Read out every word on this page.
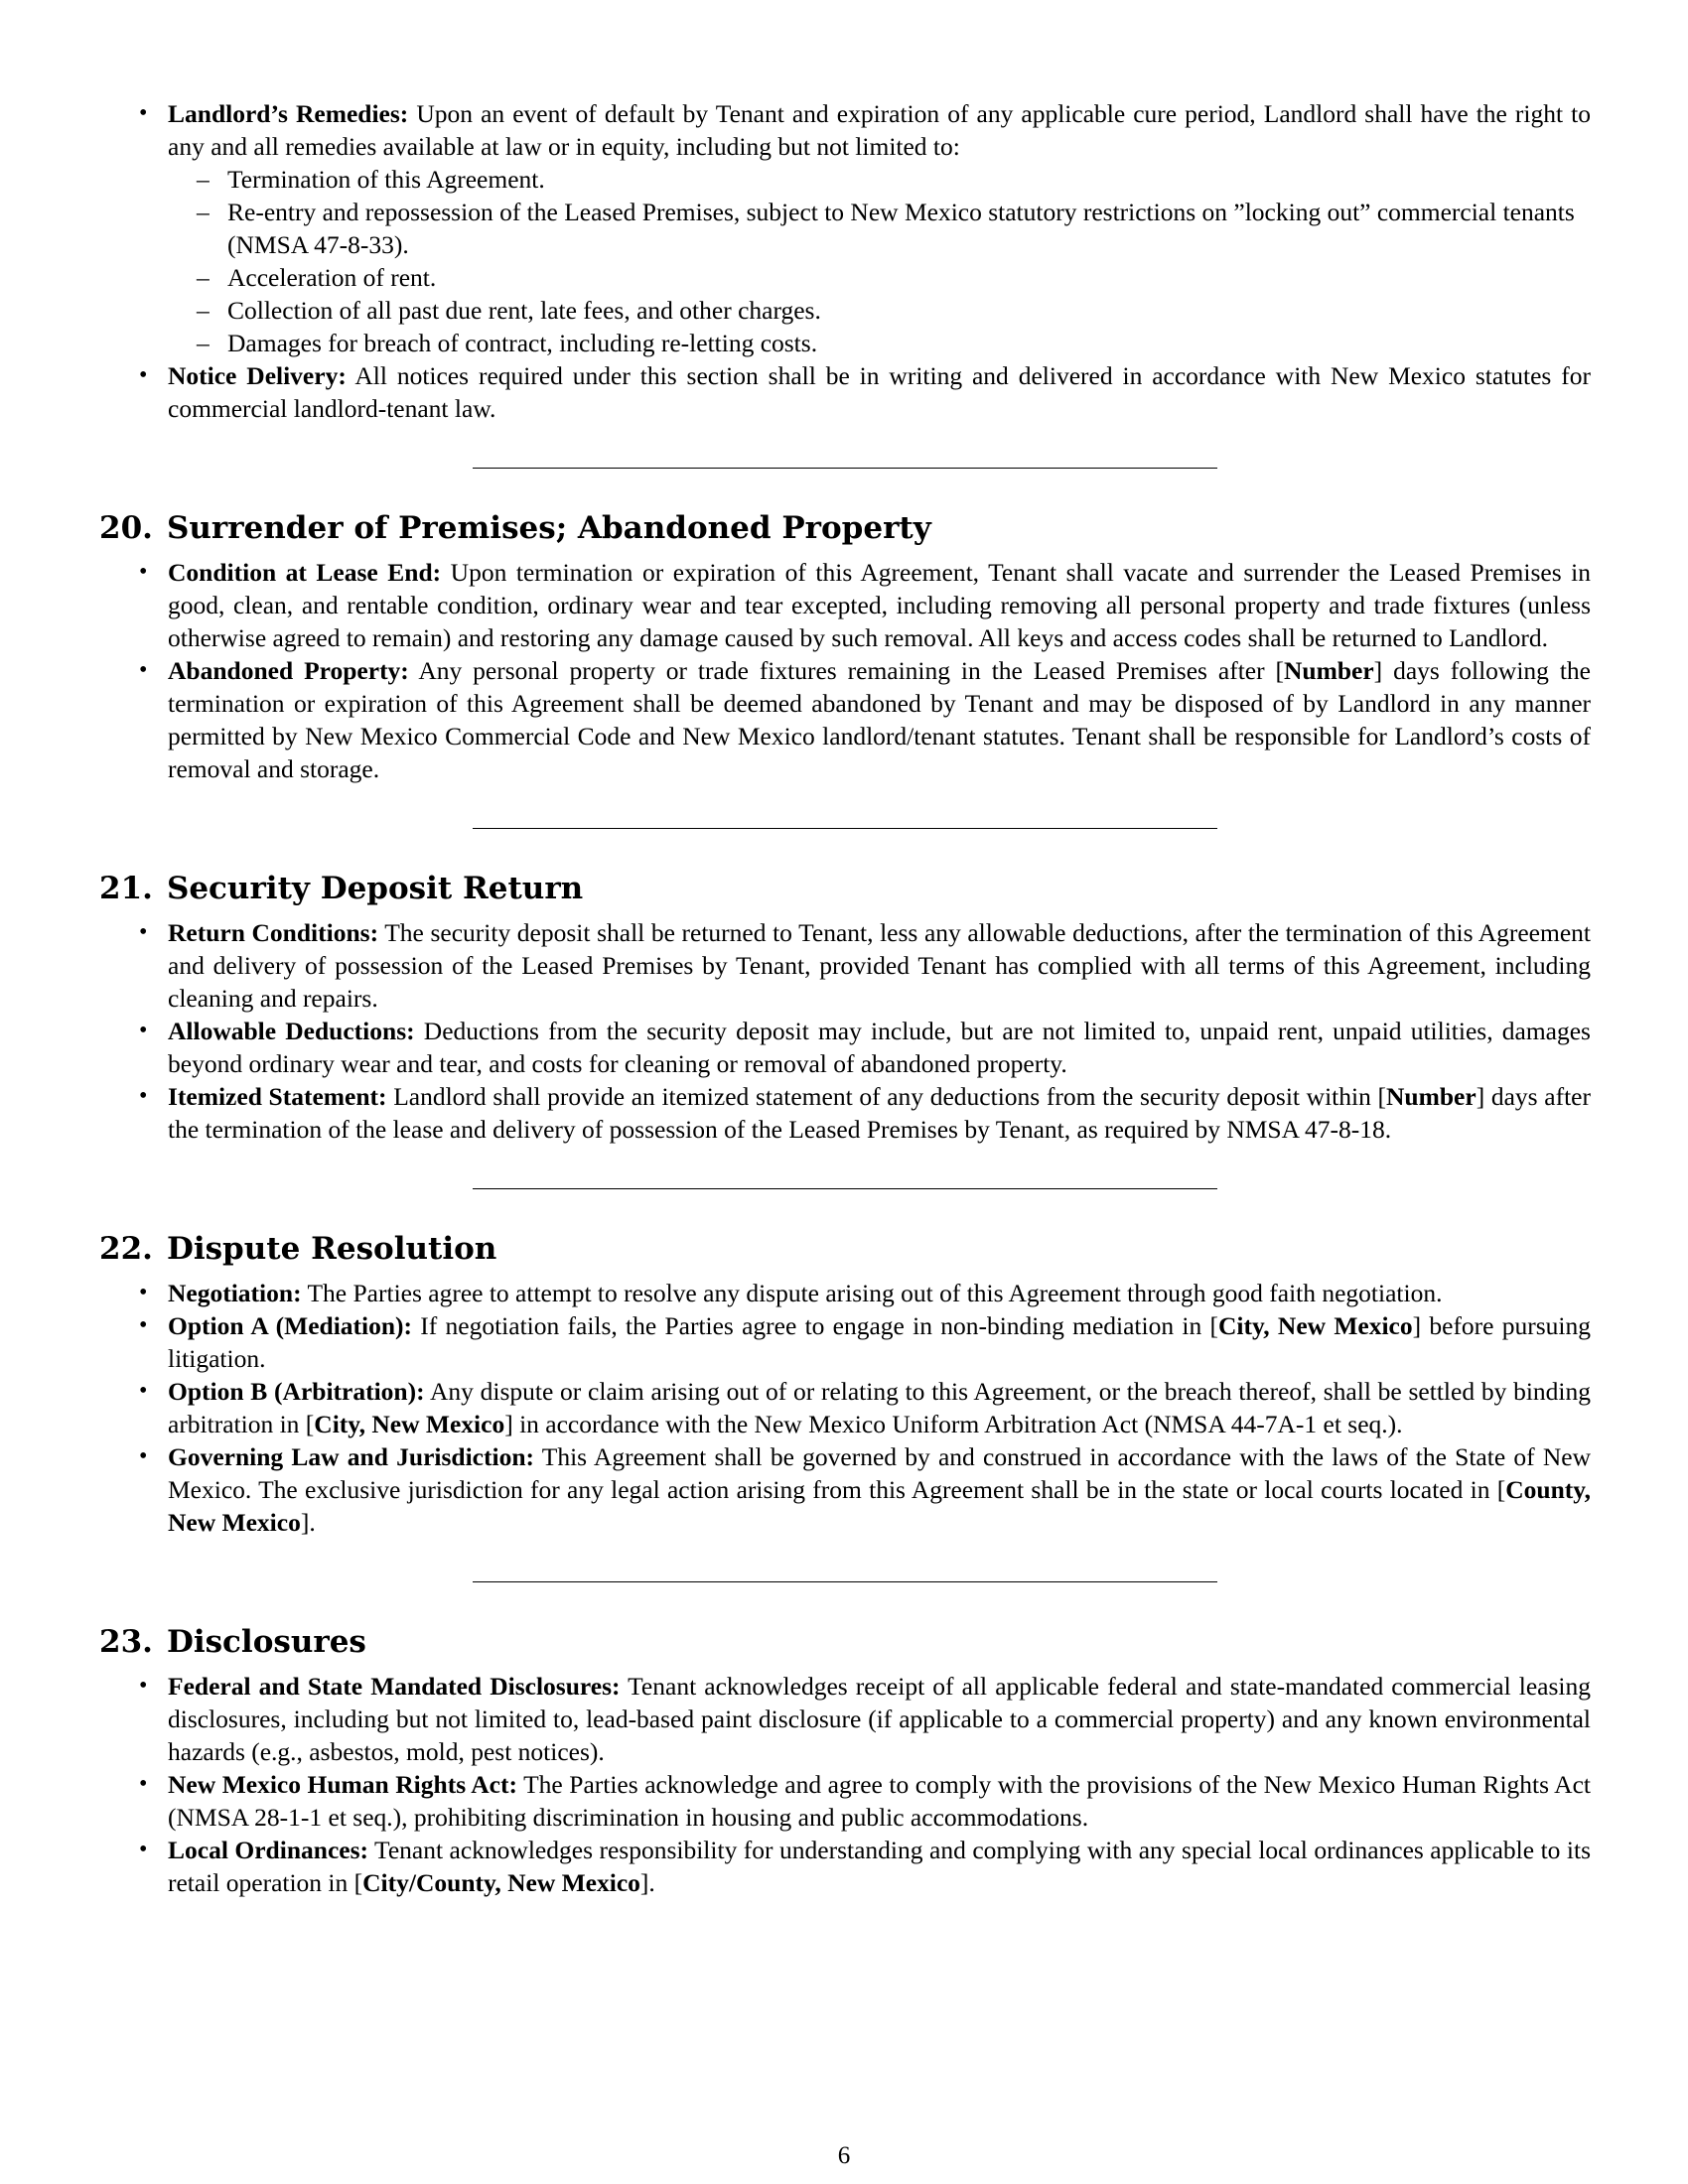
• Landlord’s Remedies: Upon an event of default by Tenant and expiration of any applicable cure period, Landlord shall have the right to any and all remedies available at law or in equity, including but not limited to:
– Termination of this Agreement.
– Re-entry and repossession of the Leased Premises, subject to New Mexico statutory restrictions on ”locking out” commercial tenants (NMSA 47-8-33).
– Acceleration of rent.
– Collection of all past due rent, late fees, and other charges.
– Damages for breach of contract, including re-letting costs.
• Notice Delivery: All notices required under this section shall be in writing and delivered in accordance with New Mexico statutes for commercial landlord-tenant law.
20. Surrender of Premises; Abandoned Property
• Condition at Lease End: Upon termination or expiration of this Agreement, Tenant shall vacate and surrender the Leased Premises in good, clean, and rentable condition, ordinary wear and tear excepted, including removing all personal property and trade fixtures (unless otherwise agreed to remain) and restoring any damage caused by such removal. All keys and access codes shall be returned to Landlord.
• Abandoned Property: Any personal property or trade fixtures remaining in the Leased Premises after [Number] days following the termination or expiration of this Agreement shall be deemed abandoned by Tenant and may be disposed of by Landlord in any manner permitted by New Mexico Commercial Code and New Mexico landlord/tenant statutes. Tenant shall be responsible for Landlord’s costs of removal and storage.
21. Security Deposit Return
• Return Conditions: The security deposit shall be returned to Tenant, less any allowable deductions, after the termination of this Agreement and delivery of possession of the Leased Premises by Tenant, provided Tenant has complied with all terms of this Agreement, including cleaning and repairs.
• Allowable Deductions: Deductions from the security deposit may include, but are not limited to, unpaid rent, unpaid utilities, damages beyond ordinary wear and tear, and costs for cleaning or removal of abandoned property.
• Itemized Statement: Landlord shall provide an itemized statement of any deductions from the security deposit within [Number] days after the termination of the lease and delivery of possession of the Leased Premises by Tenant, as required by NMSA 47-8-18.
22. Dispute Resolution
• Negotiation: The Parties agree to attempt to resolve any dispute arising out of this Agreement through good faith negotiation.
• Option A (Mediation): If negotiation fails, the Parties agree to engage in non-binding mediation in [City, New Mexico] before pursuing litigation.
• Option B (Arbitration): Any dispute or claim arising out of or relating to this Agreement, or the breach thereof, shall be settled by binding arbitration in [City, New Mexico] in accordance with the New Mexico Uniform Arbitration Act (NMSA 44-7A-1 et seq.).
• Governing Law and Jurisdiction: This Agreement shall be governed by and construed in accordance with the laws of the State of New Mexico. The exclusive jurisdiction for any legal action arising from this Agreement shall be in the state or local courts located in [County, New Mexico].
23. Disclosures
• Federal and State Mandated Disclosures: Tenant acknowledges receipt of all applicable federal and state-mandated commercial leasing disclosures, including but not limited to, lead-based paint disclosure (if applicable to a commercial property) and any known environmental hazards (e.g., asbestos, mold, pest notices).
• New Mexico Human Rights Act: The Parties acknowledge and agree to comply with the provisions of the New Mexico Human Rights Act (NMSA 28-1-1 et seq.), prohibiting discrimination in housing and public accommodations.
• Local Ordinances: Tenant acknowledges responsibility for understanding and complying with any special local ordinances applicable to its retail operation in [City/County, New Mexico].
6
